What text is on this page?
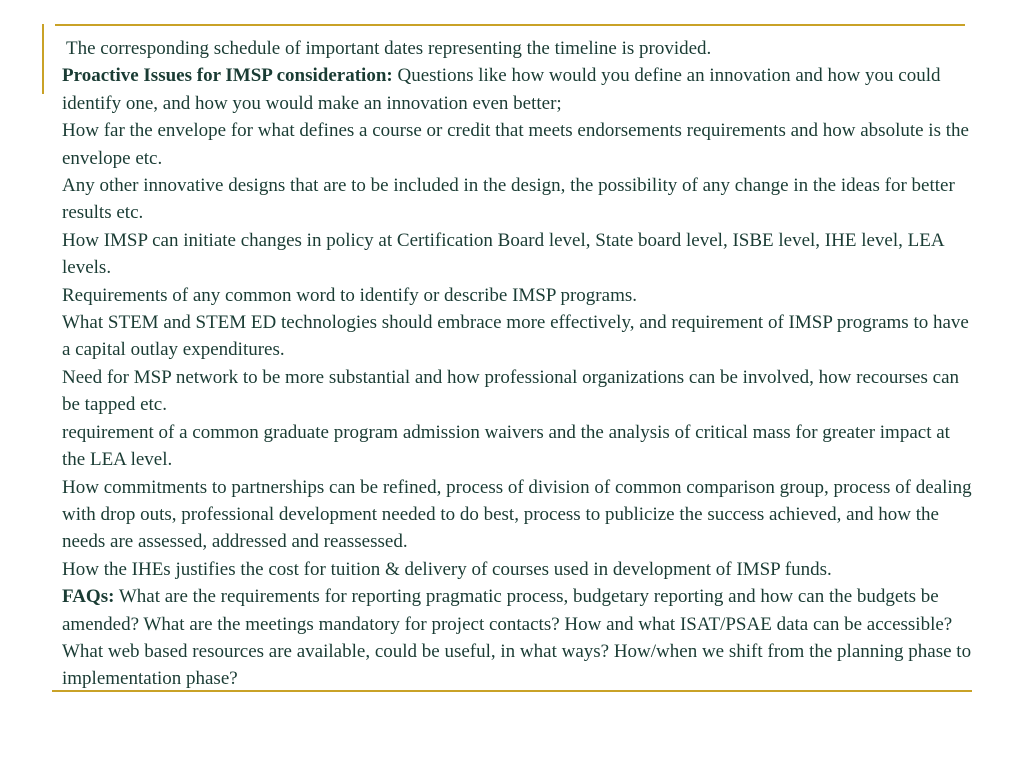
The corresponding schedule of important dates representing the timeline is provided.

Proactive Issues for IMSP consideration: Questions like how would you define an innovation and how you could identify one, and how you would make an innovation even better;

How far the envelope for what defines a course or credit that meets endorsements requirements and how absolute is the envelope etc.

Any other innovative designs that are to be included in the design, the possibility of any change in the ideas for better results etc.

How IMSP can initiate changes in policy at Certification Board level, State board level, ISBE level, IHE level, LEA levels.

Requirements of any common word to identify or describe IMSP programs.

What STEM and STEM ED technologies should embrace more effectively, and requirement of IMSP programs to have a capital outlay expenditures.

Need for MSP network to be more substantial and how professional organizations can be involved, how recourses can be tapped etc.

requirement of a common graduate program admission waivers and the analysis of critical mass for greater impact at the LEA level.

How commitments to partnerships can be refined, process of division of common comparison group, process of dealing with drop outs, professional development needed to do best, process to publicize the success achieved, and how the needs are assessed, addressed and reassessed.

How the IHEs justifies the cost for tuition & delivery of courses used in development of IMSP funds.

FAQs: What are the requirements for reporting pragmatic process, budgetary reporting and how can the budgets be amended? What are the meetings mandatory for project contacts? How and what ISAT/PSAE data can be accessible? What web based resources are available, could be useful, in what ways? How/when we shift from the planning phase to implementation phase?
